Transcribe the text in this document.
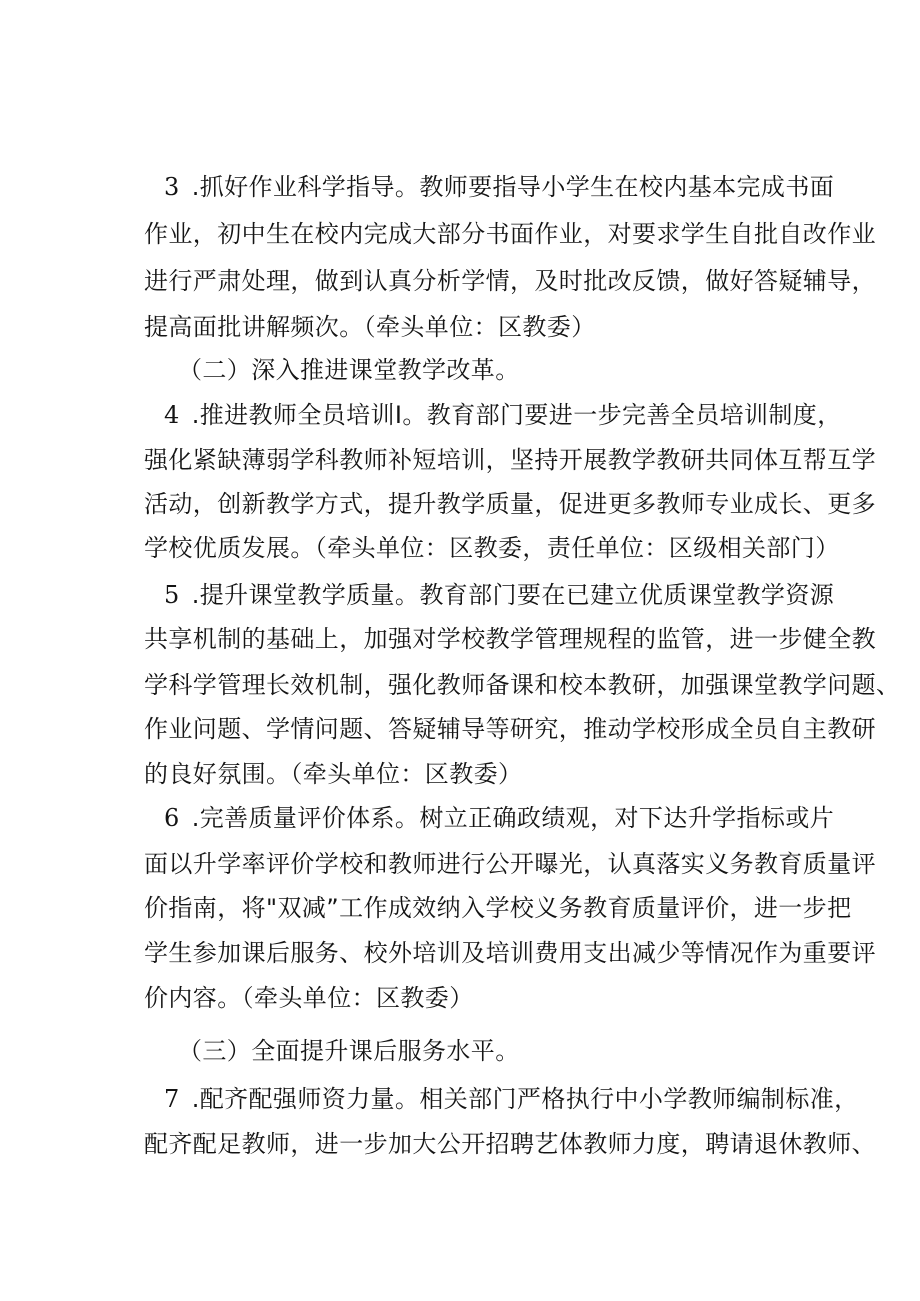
3 .抓好作业科学指导。教师要指导小学生在校内基本完成书面
作业，初中生在校内完成大部分书面作业，对要求学生自批自改作业
进行严肃处理，做到认真分析学情，及时批改反馈，做好答疑辅导，
提高面批讲解频次。（牵头单位：区教委）
（二）深入推进课堂教学改革。
4 .推进教师全员培训I。教育部门要进一步完善全员培训制度，
强化紧缺薄弱学科教师补短培训，坚持开展教学教研共同体互帮互学
活动，创新教学方式，提升教学质量，促进更多教师专业成长、更多
学校优质发展。（牵头单位：区教委，责任单位：区级相关部门）
5 .提升课堂教学质量。教育部门要在已建立优质课堂教学资源
共享机制的基础上，加强对学校教学管理规程的监管，进一步健全教
学科学管理长效机制，强化教师备课和校本教研，加强课堂教学问题、
作业问题、学情问题、答疑辅导等研究，推动学校形成全员自主教研
的良好氛围。（牵头单位：区教委）
6 .完善质量评价体系。树立正确政绩观，对下达升学指标或片
面以升学率评价学校和教师进行公开曝光，认真落实义务教育质量评
价指南，将"双减”工作成效纳入学校义务教育质量评价，进一步把
学生参加课后服务、校外培训及培训费用支出减少等情况作为重要评
价内容。（牵头单位：区教委）
（三）全面提升课后服务水平。
7 .配齐配强师资力量。相关部门严格执行中小学教师编制标准，
配齐配足教师，进一步加大公开招聘艺体教师力度，聘请退休教师、
